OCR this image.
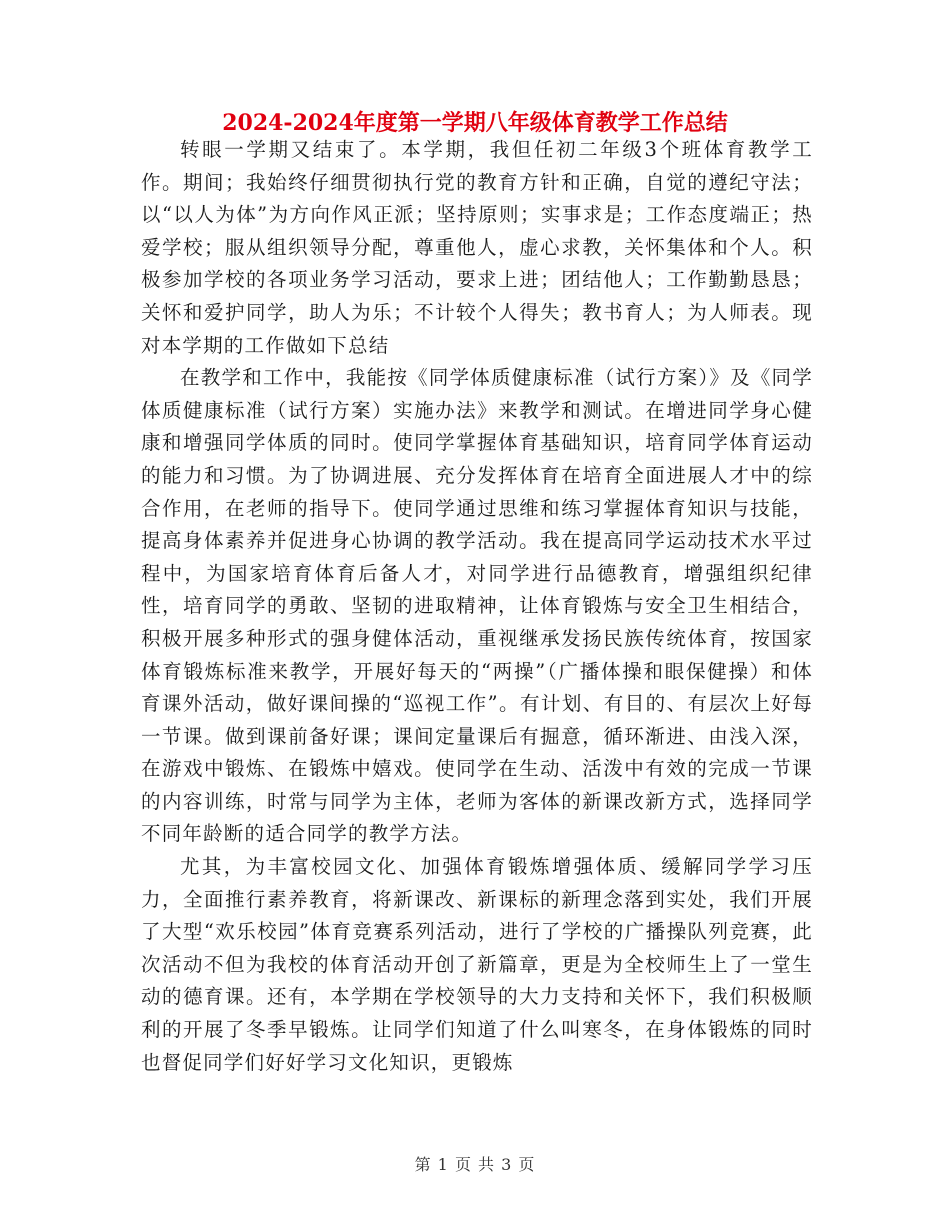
2024-2024年度第一学期八年级体育教学工作总结

转眼一学期又结束了。本学期，我但任初二年级3个班体育教学工作。期间；我始终仔细贯彻执行党的教育方针和正确，自觉的遵纪守法；以“以人为体”为方向作风正派；坚持原则；实事求是；工作态度端正；热爱学校；服从组织领导分配，尊重他人，虚心求教，关怀集体和个人。积极参加学校的各项业务学习活动，要求上进；团结他人；工作勤勤恳恳；关怀和爱护同学，助人为乐；不计较个人得失；教书育人；为人师表。现对本学期的工作做如下总结

在教学和工作中，我能按《同学体质健康标准（试行方案）》及《同学体质健康标准（试行方案）实施办法》来教学和测试。在增进同学身心健康和增强同学体质的同时。使同学掌握体育基础知识，培育同学体育运动的能力和习惯。为了协调进展、充分发挥体育在培育全面进展人才中的综合作用，在老师的指导下。使同学通过思维和练习掌握体育知识与技能，提高身体素养并促进身心协调的教学活动。我在提高同学运动技术水平过程中，为国家培育体育后备人才，对同学进行品德教育，增强组织纪律性，培育同学的勇敢、坚韧的进取精神，让体育锻炼与安全卫生相结合，积极开展多种形式的强身健体活动，重视继承发扬民族传统体育，按国家体育锻炼标准来教学，开展好每天的“两操”（广播体操和眼保健操）和体育课外活动，做好课间操的“巡视工作”。有计划、有目的、有层次上好每一节课。做到课前备好课；课间定量课后有掘意，循环渐进、由浅入深，在游戏中锻炼、在锻炼中嬉戏。使同学在生动、活泼中有效的完成一节课的内容训练，时常与同学为主体，老师为客体的新课改新方式，选择同学不同年龄断的适合同学的教学方法。

尤其，为丰富校园文化、加强体育锻炼增强体质、缓解同学学习压力，全面推行素养教育，将新课改、新课标的新理念落到实处，我们开展了大型“欢乐校园”体育竞赛系列活动，进行了学校的广播操队列竞赛，此次活动不但为我校的体育活动开创了新篇章，更是为全校师生上了一堂生动的德育课。还有，本学期在学校领导的大力支持和关怀下，我们积极顺利的开展了冬季早锻炼。让同学们知道了什么叫寒冬，在身体锻炼的同时也督促同学们好好学习文化知识，更锻炼

第 1 页 共 3 页
